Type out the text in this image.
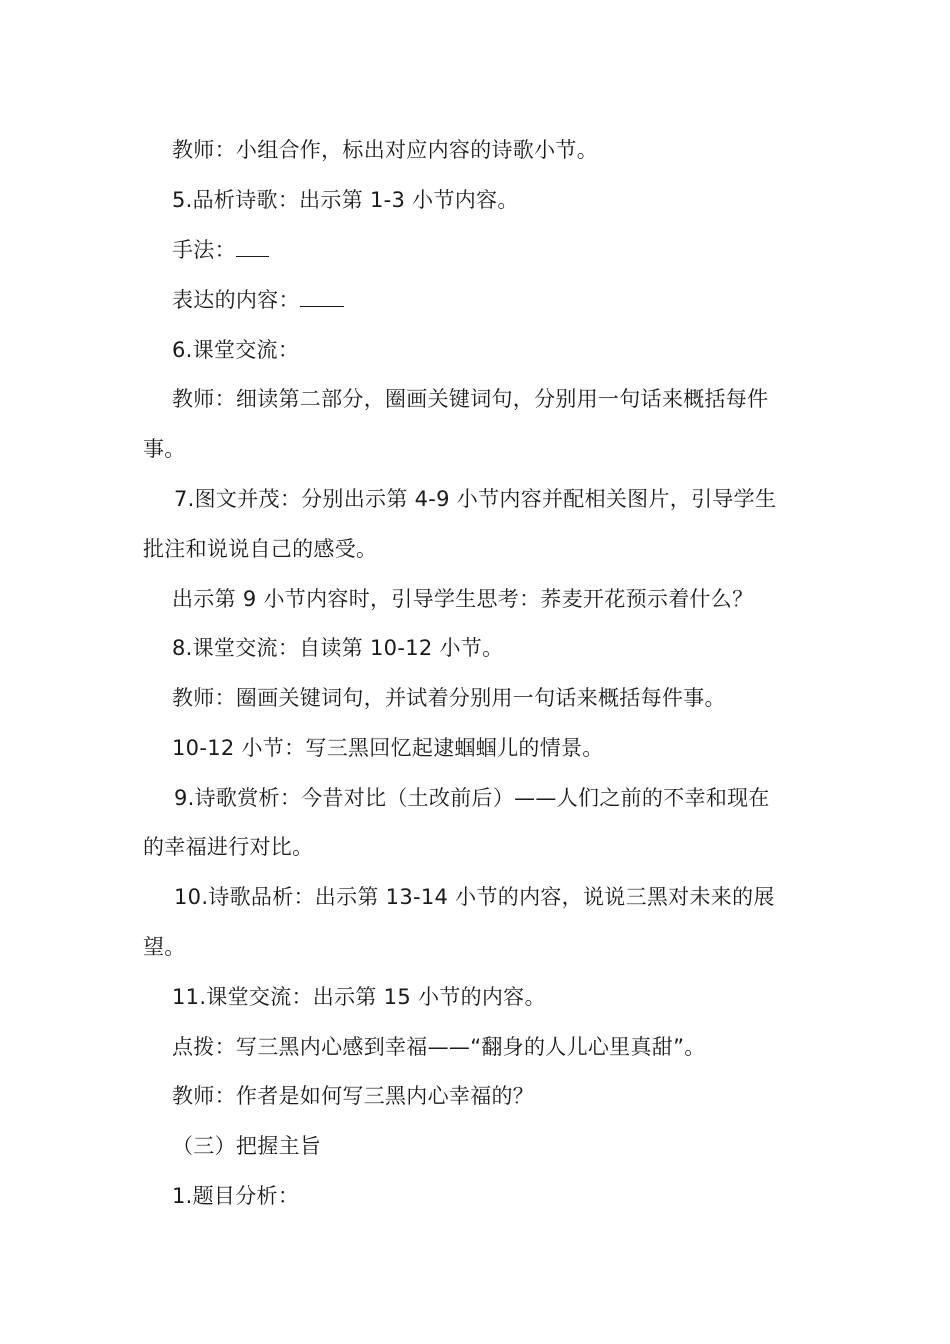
教师：小组合作，标出对应内容的诗歌小节。
5.品析诗歌：出示第 1-3 小节内容。
手法：
表达的内容：
6.课堂交流：
教师：细读第二部分，圈画关键词句，分别用一句话来概括每件
事。
7.图文并茂：分别出示第 4-9 小节内容并配相关图片，引导学生
批注和说说自己的感受。
出示第 9 小节内容时，引导学生思考：荞麦开花预示着什么？
8.课堂交流：自读第 10-12 小节。
教师：圈画关键词句，并试着分别用一句话来概括每件事。
10-12 小节：写三黑回忆起逮蝈蝈儿的情景。
9.诗歌赏析：今昔对比（土改前后）——人们之前的不幸和现在
的幸福进行对比。
10.诗歌品析：出示第 13-14 小节的内容，说说三黑对未来的展
望。
11.课堂交流：出示第 15 小节的内容。
点拨：写三黑内心感到幸福——“翻身的人儿心里真甜”。
教师：作者是如何写三黑内心幸福的？
（三）把握主旨
1.题目分析：
